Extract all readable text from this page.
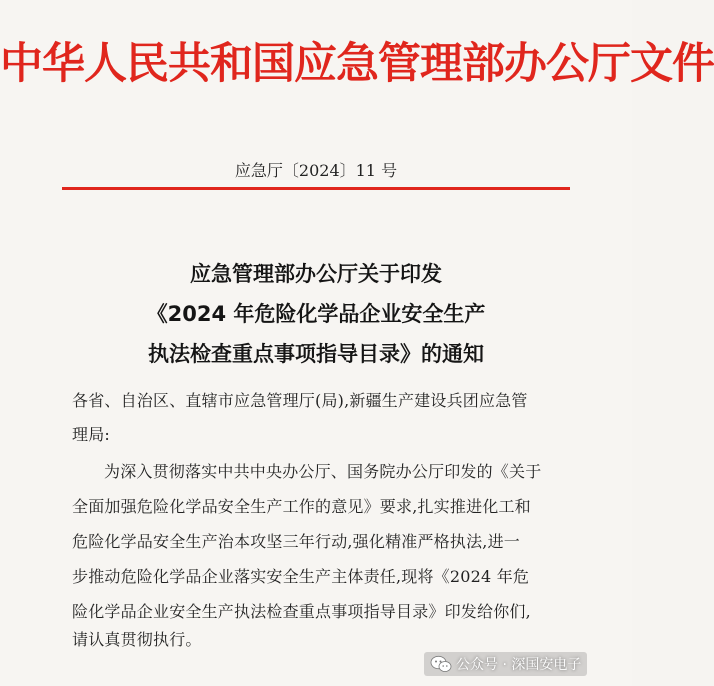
中华人民共和国应急管理部办公厅文件
应急厅〔2024〕11 号
应急管理部办公厅关于印发
《2024 年危险化学品企业安全生产
执法检查重点事项指导目录》的通知
各省、自治区、直辖市应急管理厅(局),新疆生产建设兵团应急管
理局:
为深入贯彻落实中共中央办公厅、国务院办公厅印发的《关于
全面加强危险化学品安全生产工作的意见》要求,扎实推进化工和
危险化学品安全生产治本攻坚三年行动,强化精准严格执法,进一
步推动危险化学品企业落实安全生产主体责任,现将《2024 年危
险化学品企业安全生产执法检查重点事项指导目录》印发给你们,
请认真贯彻执行。
公众号 · 深国安电子
